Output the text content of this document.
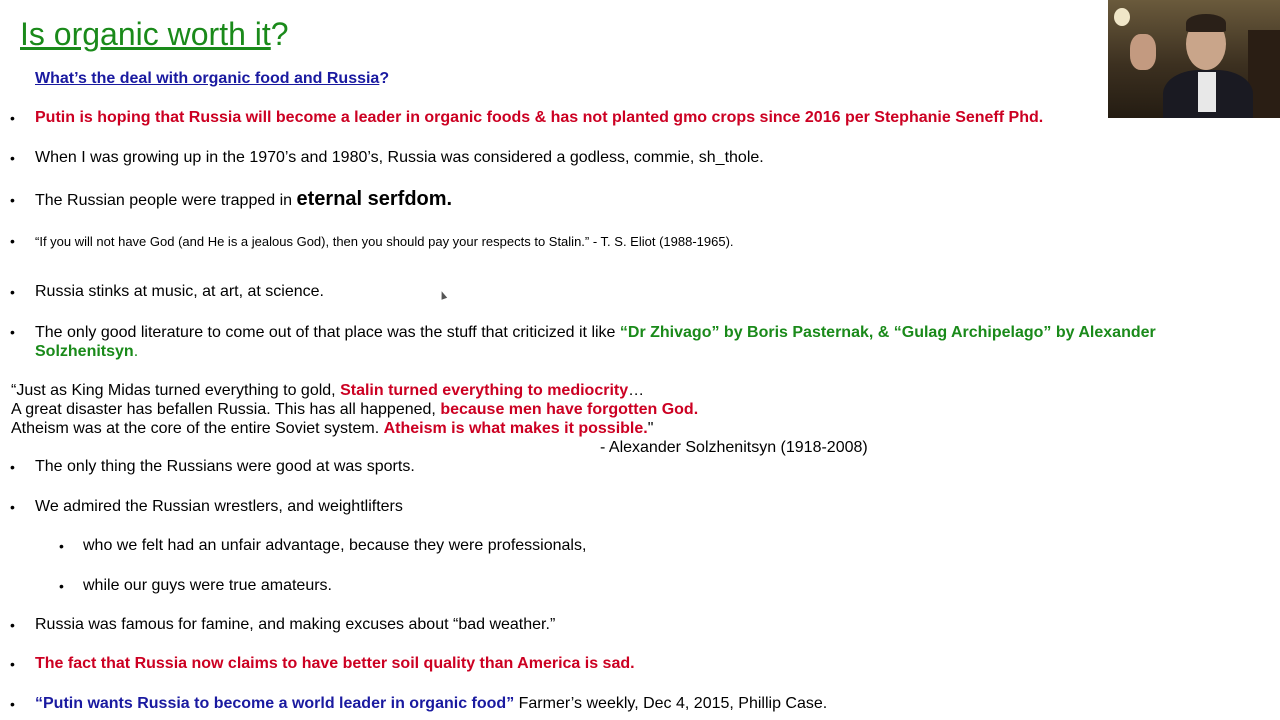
Is organic worth it?
What’s the deal with organic food and Russia?
• Putin is hoping that Russia will become a leader in organic foods & has not planted gmo crops since 2016 per Stephanie Seneff Phd.
• When I was growing up in the 1970’s and 1980’s, Russia was considered a godless, commie, sh_thole.
• The Russian people were trapped in eternal serfdom.
• “If you will not have God (and He is a jealous God), then you should pay your respects to Stalin.” - T. S. Eliot (1988-1965).
• Russia stinks at music, at art, at science.
• The only good literature to come out of that place was the stuff that criticized it like “Dr Zhivago” by Boris Pasternak, & “Gulag Archipelago” by Alexander Solzhenitsyn.
“Just as King Midas turned everything to gold, Stalin turned everything to mediocrity…
A great disaster has befallen Russia. This has all happened, because men have forgotten God.
Atheism was at the core of the entire Soviet system. Atheism is what makes it possible."
- Alexander Solzhenitsyn (1918-2008)
• The only thing the Russians were good at was sports.
• We admired the Russian wrestlers, and weightlifters
• who we felt had an unfair advantage, because they were professionals,
• while our guys were true amateurs.
• Russia was famous for famine, and making excuses about “bad weather.”
• The fact that Russia now claims to have better soil quality than America is sad.
• “Putin wants Russia to become a world leader in organic food” Farmer’s weekly, Dec 4, 2015, Phillip Case.
